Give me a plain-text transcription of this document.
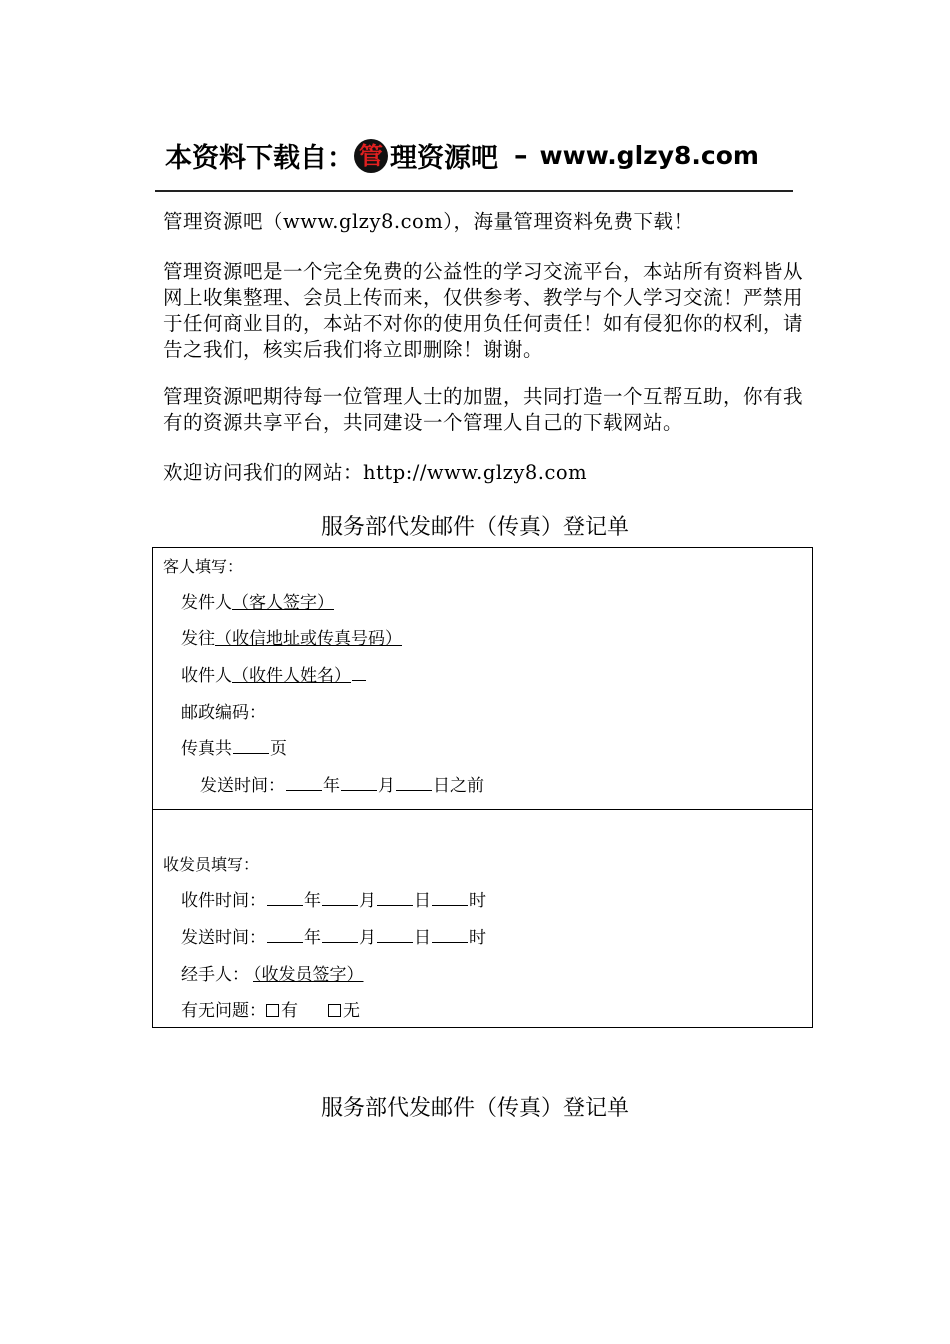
本资料下载自： 管 理资源吧 – www.glzy8.com
管理资源吧（www.glzy8.com），海量管理资料免费下载！
管理资源吧是一个完全免费的公益性的学习交流平台，本站所有资料皆从网上收集整理、会员上传而来，仅供参考、教学与个人学习交流！严禁用于任何商业目的，本站不对你的使用负任何责任！如有侵犯你的权利，请告之我们，核实后我们将立即删除！谢谢。
管理资源吧期待每一位管理人士的加盟，共同打造一个互帮互助，你有我有的资源共享平台，共同建设一个管理人自己的下载网站。
欢迎访问我们的网站：http://www.glzy8.com
服务部代发邮件（传真）登记单
客人填写：
发件人（客人签字）
发往（收信地址或传真号码）
收件人（收件人姓名）
邮政编码：
传真共 页
发送时间： 年 月 日之前
收发员填写：
收件时间： 年 月 日 时
发送时间： 年 月 日 时
经手人： （收发员签字）
有无问题： 有	无
服务部代发邮件（传真）登记单
